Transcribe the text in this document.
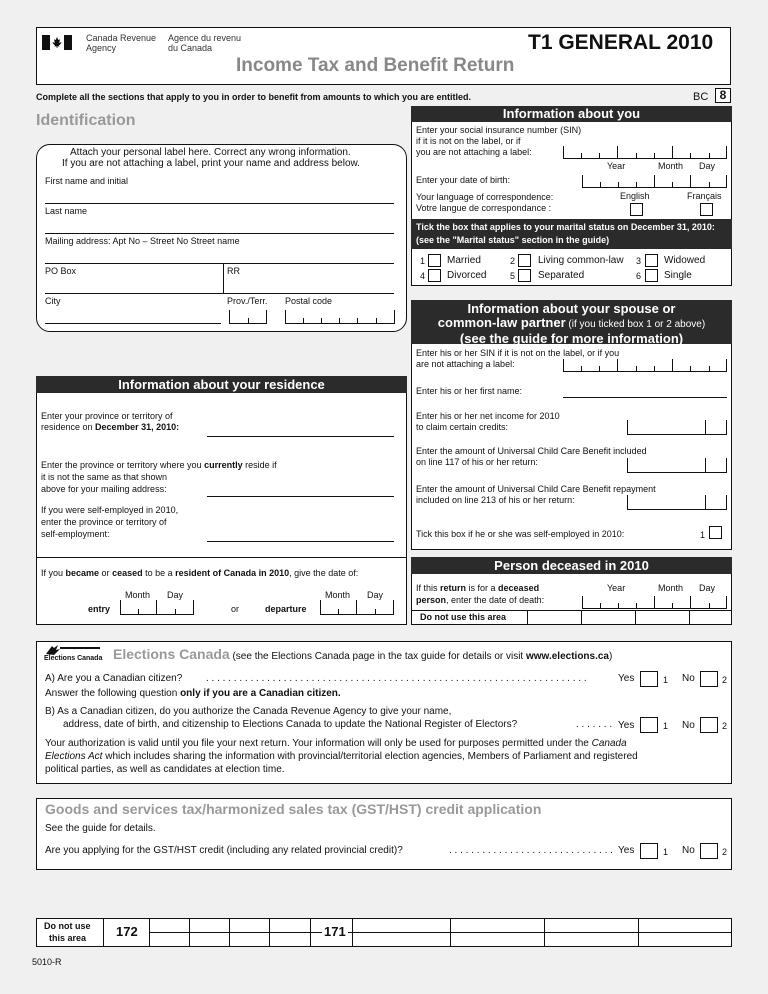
Canada Revenue
Agency
Agence du revenu
du Canada	T1 GENERAL 2010
Income Tax and Benefit Return
Complete all the sections that apply to you in order to benefit from amounts to which you are entitled.	BC 8
Identification
Attach your personal label here. Correct any wrong information.
If you are not attaching a label, print your name and address below.
First name and initial
Last name
Mailing address: Apt No – Street No Street name
PO Box	RR
City	Prov./Terr. Postal code
Information about you
Enter your social insurance number (SIN)
if it is not on the label, or if
you are not attaching a label:
Year	Month Day
Enter your date of birth:
Your language of correspondence:
Votre langue de correspondance :
English	Français
Tick the box that applies to your marital status on December 31, 2010:
(see the "Marital status" section in the guide)
1 Married	2 Living common-law 3 Widowed
4 Divorced	5 Separated	6 Single
Information about your spouse or
common-law partner (if you ticked box 1 or 2 above)
(see the guide for more information)
Enter his or her SIN if it is not on the label, or if you
are not attaching a label:
Enter his or her first name:
Enter his or her net income for 2010
to claim certain credits:
Enter the amount of Universal Child Care Benefit included
on line 117 of his or her return:
Enter the amount of Universal Child Care Benefit repayment
included on line 213 of his or her return:
Tick this box if he or she was self-employed in 2010:	1
Information about your residence
Enter your province or territory of
residence on December 31, 2010:
Enter the province or territory where you currently reside if
it is not the same as that shown
above for your mailing address:
If you were self-employed in 2010,
enter the province or territory of
self-employment:
If you became or ceased to be a resident of Canada in 2010, give the date of:
Month Day
entry	or	departure
Month Day
Person deceased in 2010
If this return is for a deceased
person, enter the date of death:
Year	Month Day
Do not use this area
Elections Canada Elections Canada (see the Elections Canada page in the tax guide for details or visit www.elections.ca)
A) Are you a Canadian citizen? . . . . . . . . . . . . . . . . . . . . . . . . . . . . . . . . . . . . . . . . . . . . . . . . . . . . . . . . . . . . . . . . . . . . .	Yes	1 No	2
Answer the following question only if you are a Canadian citizen.
B) As a Canadian citizen, do you authorize the Canada Revenue Agency to give your name,
address, date of birth, and citizenship to Elections Canada to update the National Register of Electors?	. . . . . . . Yes	1 No	2
Your authorization is valid until you file your next return. Your information will only be used for purposes permitted under the Canada
Elections Act which includes sharing the information with provincial/territorial election agencies, Members of Parliament and registered
political parties, as well as candidates at election time.
Goods and services tax/harmonized sales tax (GST/HST) credit application
See the guide for details.
Are you applying for the GST/HST credit (including any related provincial credit)?	. . . . . . . . . . . . . . . . . . . . . . . . . . . . . . Yes	1 No	2
Do not use
this area 172	171
5010-R
